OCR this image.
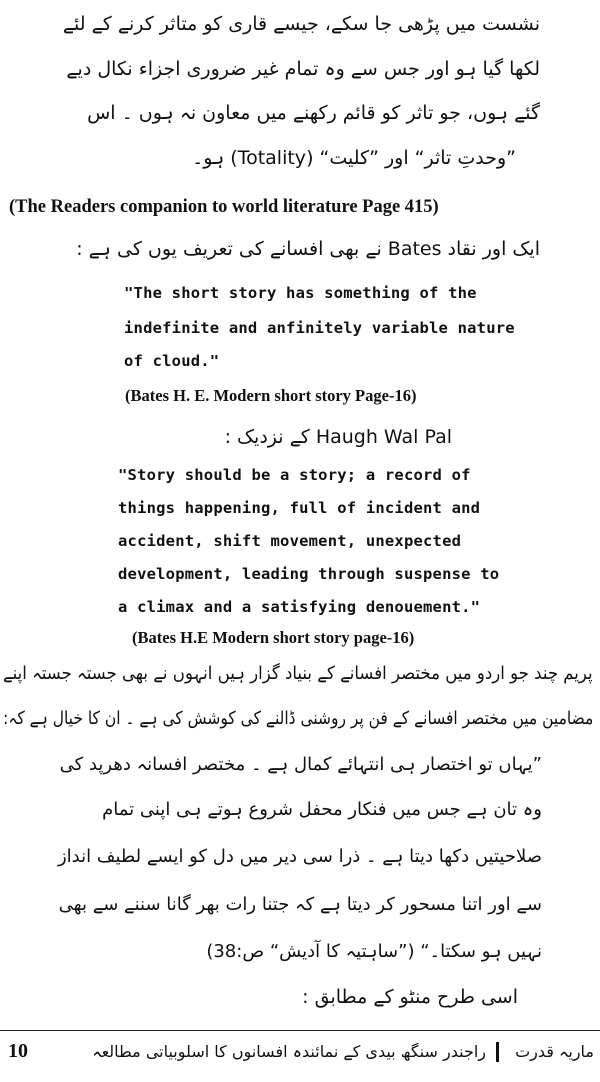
نشست میں پڑھی جا سکے، جیسے قاری کو متاثر کرنے کے لئے
لکھا گیا ہو اور جس سے وہ تمام غیر ضروری اجزاء نکال دیے
گئے ہوں، جو تاثر کو قائم رکھنے میں معاون نہ ہوں ۔ اس
”وحدتِ تاثر“ اور ”کلیت“ (Totality) ہو۔
(The Readers companion to world literature Page 415)
ایک اور نقاد Bates نے بھی افسانے کی تعریف یوں کی ہے :
"The short story has something of the
indefinite and anfinitely variable nature
of cloud."
(Bates H. E. Modern short story Page-16)
Haugh Wal Pal کے نزدیک :
"Story should be a story; a record of
things happening, full of incident and
accident, shift movement, unexpected
development, leading through suspense to
a climax and a satisfying denouement."
(Bates H.E Modern short story page-16)
پریم چند جو اردو میں مختصر افسانے کے بنیاد گزار ہیں انہوں نے بھی جستہ جستہ اپنے
مضامین میں مختصر افسانے کے فن پر روشنی ڈالنے کی کوشش کی ہے ۔ ان کا خیال ہے کہ:
”یہاں تو اختصار ہی انتہائے کمال ہے ۔ مختصر افسانہ دھرپد کی
وہ تان ہے جس میں فنکار محفل شروع ہوتے ہی اپنی تمام
صلاحیتیں دکھا دیتا ہے ۔ ذرا سی دیر میں دل کو ایسے لطیف انداز
سے اور اتنا مسحور کر دیتا ہے کہ جتنا رات بھر گانا سننے سے بھی
نہیں ہو سکتا۔“ (”ساہتیہ کا آدیش“ ص:38)
اسی طرح منٹو کے مطابق :
10	ماریہ قدرت
راجندر سنگھ بیدی کے نمائندہ افسانوں کا اسلوبیاتی مطالعہ
